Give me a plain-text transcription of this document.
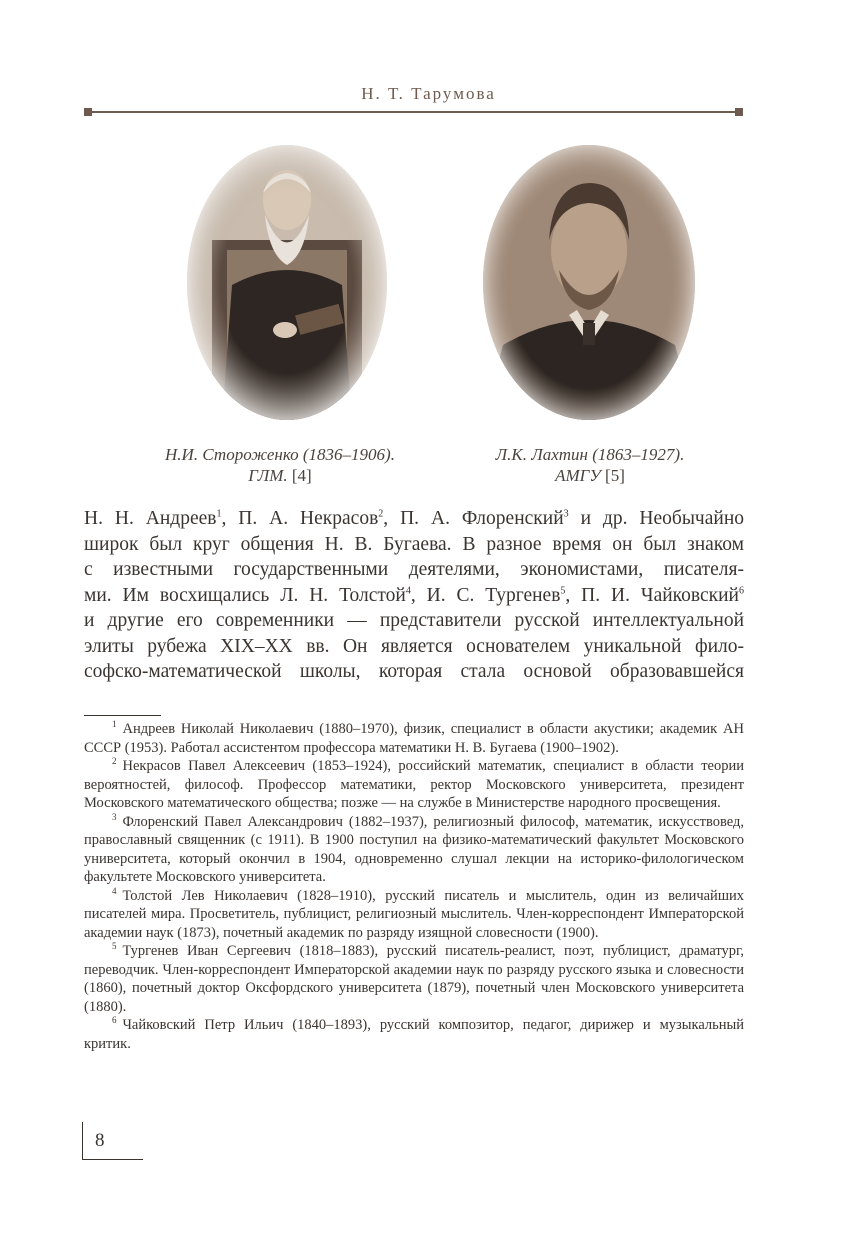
Н. Т. Тарумова
Н.И. Стороженко (1836–1906).
ГЛМ. [4]
Л.К. Лахтин (1863–1927).
АМГУ [5]
Н. Н. Андреев$^1$, П. А. Некрасов$^2$, П. А. Флоренский$^3$ и др. Необычайно
широк был круг общения Н. В. Бугаева. В разное время он был знаком
с известными государственными деятелями, экономистами, писателя-
ми. Им восхищались Л. Н. Толстой$^4$, И. С. Тургенев$^5$, П. И. Чайковский$^6$
и другие его современники — представители русской интеллектуальной
элиты рубежа XIX–XX вв. Он является основателем уникальной фило-
софско-математической школы, которая стала основой образовавшейся

$^1$ Андреев Николай Николаевич (1880–1970), физик, специалист в области акустики; академик АН СССР (1953). Работал ассистентом профессора математики Н. В. Бугаева (1900–1902).

$^2$ Некрасов Павел Алексеевич (1853–1924), российский математик, специалист в области теории вероятностей, философ. Профессор математики, ректор Московского университета, президент Московского математического общества; позже — на службе в Министерстве народного просвещения.

$^3$ Флоренский Павел Александрович (1882–1937), религиозный философ, математик, искусствовед, православный священник (с 1911). В 1900 поступил на физико-математический факультет Московского университета, который окончил в 1904, одновременно слушал лекции на историко-филологическом факультете Московского университета.

$^4$ Толстой Лев Николаевич (1828–1910), русский писатель и мыслитель, один из величайших писателей мира. Просветитель, публицист, религиозный мыслитель. Член-корреспондент Императорской академии наук (1873), почетный академик по разряду изящной словесности (1900).

$^5$ Тургенев Иван Сергеевич (1818–1883), русский писатель-реалист, поэт, публицист, драматург, переводчик. Член-корреспондент Императорской академии наук по разряду русского языка и словесности (1860), почетный доктор Оксфордского университета (1879), почетный член Московского университета (1880).

$^6$ Чайковский Петр Ильич (1840–1893), русский композитор, педагог, дирижер и музыкальный критик.

8
